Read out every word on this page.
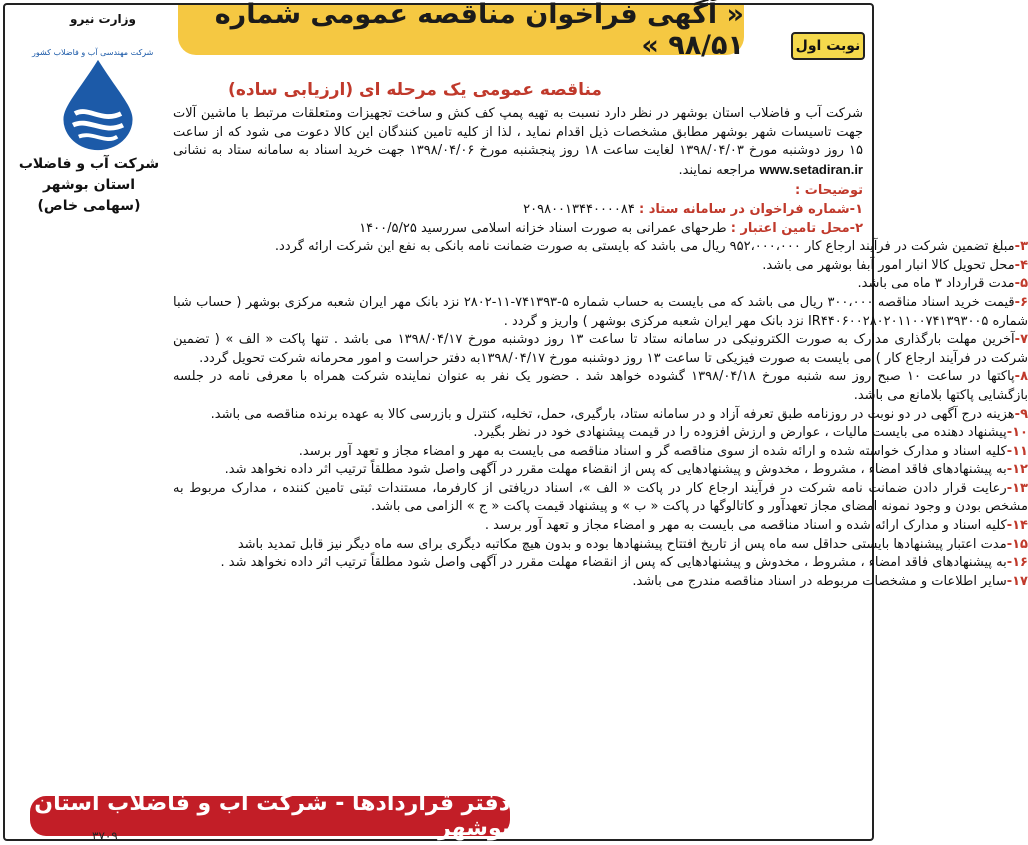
« آگهی فراخوان مناقصه عمومی شماره ۹۸/۵۱ »	نوبت اول
وزارت نیرو
شرکت مهندسی آب و فاضلاب کشور
شرکت آب و فاضلاب
استان بوشهر
(سهامی خاص)
مناقصه عمومی یک مرحله ای (ارزیابی ساده)

شرکت آب و فاضلاب استان بوشهر در نظر دارد نسبت به تهیه پمپ کف کش و ساخت تجهیزات ومتعلقات مرتبط با ماشین آلات جهت تاسیسات شهر بوشهر مطابق مشخصات ذیل اقدام نماید ، لذا از کلیه تامین کنندگان این کالا دعوت می شود که از ساعت ۱۵ روز دوشنبه مورخ ۱۳۹۸/۰۴/۰۳ لغایت ساعت ۱۸ روز پنجشنبه مورخ ۱۳۹۸/۰۴/۰۶ جهت خرید اسناد به سامانه ستاد به نشانی www.setadiran.ir مراجعه نمایند.

توضیحات :

۱-شماره فراخوان در سامانه ستاد : ۲۰۹۸۰۰۱۳۴۴۰۰۰۰۸۴

۲-محل تامین اعتبار : طرحهای عمرانی به صورت اسناد خزانه اسلامی سررسید ۱۴۰۰/۵/۲۵

۳-مبلغ تضمین شرکت در فرآیند ارجاع کار ۹۵۲،۰۰۰،۰۰۰ ریال می باشد که بایستی به صورت ضمانت نامه بانکی به نفع این شرکت ارائه گردد.

۴-محل تحویل کالا انبار امور آبفا بوشهر می باشد.

۵-مدت قرارداد ۳ ماه می باشد.

۶-قیمت خرید اسناد مناقصه ۳۰۰،۰۰۰ ریال می باشد که می بایست به حساب شماره ۵-۷۴۱۳۹۳-۱۱-۲۸۰۲ نزد بانک مهر ایران شعبه مرکزی بوشهر ( حساب شبا شماره IR۴۴۰۶۰۰۲۸۰۲۰۱۱۰۰۷۴۱۳۹۳۰۰۵ نزد بانک مهر ایران شعبه مرکزی بوشهر ) واریز و گردد .

۷-آخرین مهلت بارگذاری مدارک به صورت الکترونیکی در سامانه ستاد تا ساعت ۱۳ روز دوشنبه مورخ ۱۳۹۸/۰۴/۱۷ می باشد . تنها پاکت « الف » ( تضمین شرکت در فرآیند ارجاع کار ) می بایست به صورت فیزیکی تا ساعت ۱۳ روز دوشنبه مورخ ۱۳۹۸/۰۴/۱۷به دفتر حراست و امور محرمانه شرکت تحویل گردد.

۸-پاکتها در ساعت ۱۰ صبح روز سه شنبه مورخ ۱۳۹۸/۰۴/۱۸ گشوده خواهد شد . حضور یک نفر به عنوان نماینده شرکت همراه با معرفی نامه در جلسه بازگشایی پاکتها بلامانع می باشد.

۹-هزینه درج آگهی در دو نوبت در روزنامه طبق تعرفه آزاد و در سامانه ستاد، بارگیری، حمل، تخلیه، کنترل و بازرسی کالا به عهده برنده مناقصه می باشد.

۱۰-پیشنهاد دهنده می بایست مالیات ، عوارض و ارزش افزوده را در قیمت پیشنهادی خود در نظر بگیرد.

۱۱-کلیه اسناد و مدارک خواسته شده و ارائه شده از سوی مناقصه گر و اسناد مناقصه می بایست به مهر و امضاء مجاز و تعهد آور برسد.

۱۲-به پیشنهادهای فاقد امضاء ، مشروط ، مخدوش و پیشنهادهایی که پس از انقضاء مهلت مقرر در آگهی واصل شود مطلقاً ترتیب اثر داده نخواهد شد.

۱۳-رعایت قرار دادن ضمانت نامه شرکت در فرآیند ارجاع کار در پاکت « الف »، اسناد دریافتی از کارفرما، مستندات ثبتی تامین کننده ، مدارک مربوط به مشخص بودن و وجود نمونه امضای مجاز تعهدآور و کاتالوگها در پاکت « ب » و پیشنهاد قیمت پاکت « ج » الزامی می باشد.

۱۴-کلیه اسناد و مدارک ارائه شده و اسناد مناقصه می بایست به مهر و امضاء مجاز و تعهد آور برسد .

۱۵-مدت اعتبار پیشنهادها بایستی حداقل سه ماه پس از تاریخ افتتاح پیشنهادها بوده و بدون هیچ مکاتبه دیگری برای سه ماه دیگر نیز قابل تمدید باشد

۱۶-به پیشنهادهای فاقد امضاء ، مشروط ، مخدوش و پیشنهادهایی که پس از انقضاء مهلت مقرر در آگهی واصل شود مطلقاً ترتیب اثر داده نخواهد شد .

۱۷-سایر اطلاعات و مشخصات مربوطه در اسناد مناقصه مندرج می باشد.

دفتر قراردادها - شرکت آب و فاضلاب استان بوشهر
۳۷۰۹
